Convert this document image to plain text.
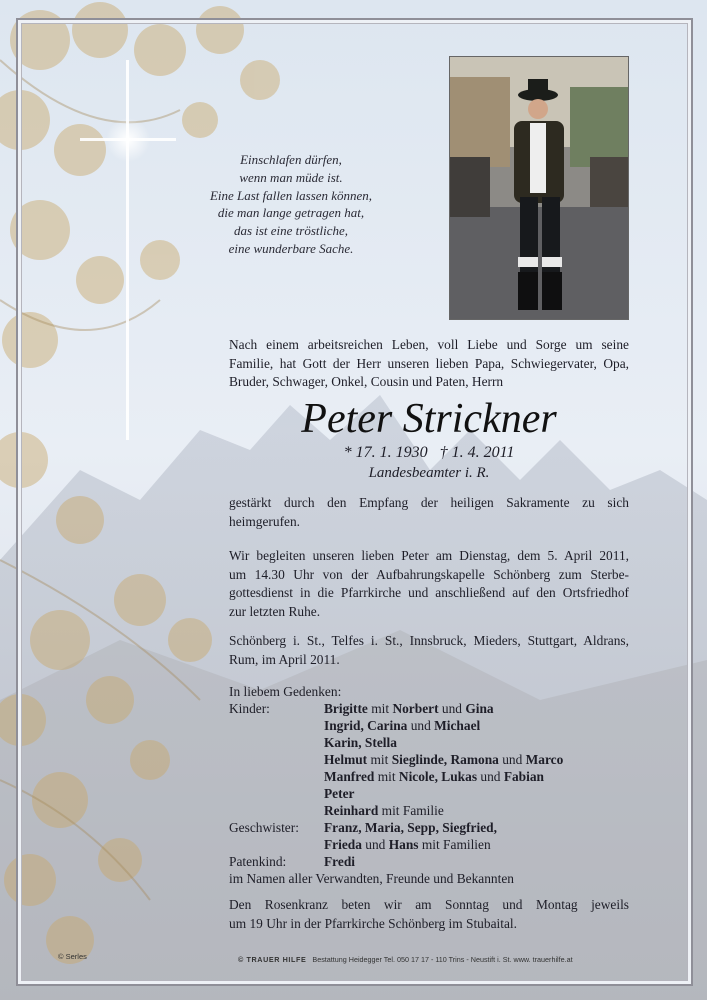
Einschlafen dürfen,
wenn man müde ist.
Eine Last fallen lassen können,
die man lange getragen hat,
das ist eine tröstliche,
eine wunderbare Sache.
Nach einem arbeitsreichen Leben, voll Liebe und Sorge um seine
Familie, hat Gott der Herr unseren lieben Papa, Schwiegervater, Opa,
Bruder, Schwager, Onkel, Cousin und Paten, Herrn
Peter Strickner
* 17. 1. 1930 † 1. 4. 2011
Landesbeamter i. R.
gestärkt durch den Empfang der heiligen Sakramente zu sich
heimgerufen.
Wir begleiten unseren lieben Peter am Dienstag, dem 5. April 2011,
um 14.30 Uhr von der Aufbahrungskapelle Schönberg zum Sterbe-
gottesdienst in die Pfarrkirche und anschließend auf den Ortsfriedhof
zur letzten Ruhe.
Schönberg i. St., Telfes i. St., Innsbruck, Mieders, Stuttgart, Aldrans,
Rum, im April 2011.
In liebem Gedenken:
Kinder:	Brigitte mit Norbert und Gina
Ingrid, Carina und Michael
Karin, Stella
Helmut mit Sieglinde, Ramona und Marco
Manfred mit Nicole, Lukas und Fabian
Peter
Reinhard mit Familie
Geschwister: Franz, Maria, Sepp, Siegfried,
Frieda und Hans mit Familien
Patenkind:	Fredi
im Namen aller Verwandten, Freunde und Bekannten
Den Rosenkranz beten wir am Sonntag und Montag jeweils
um 19 Uhr in der Pfarrkirche Schönberg im Stubaital.
© Serles	© TRAUER HILFE Bestattung Heidegger Tel. 050 17 17 - 110 Trins - Neustift i. St. www. trauerhilfe.at
